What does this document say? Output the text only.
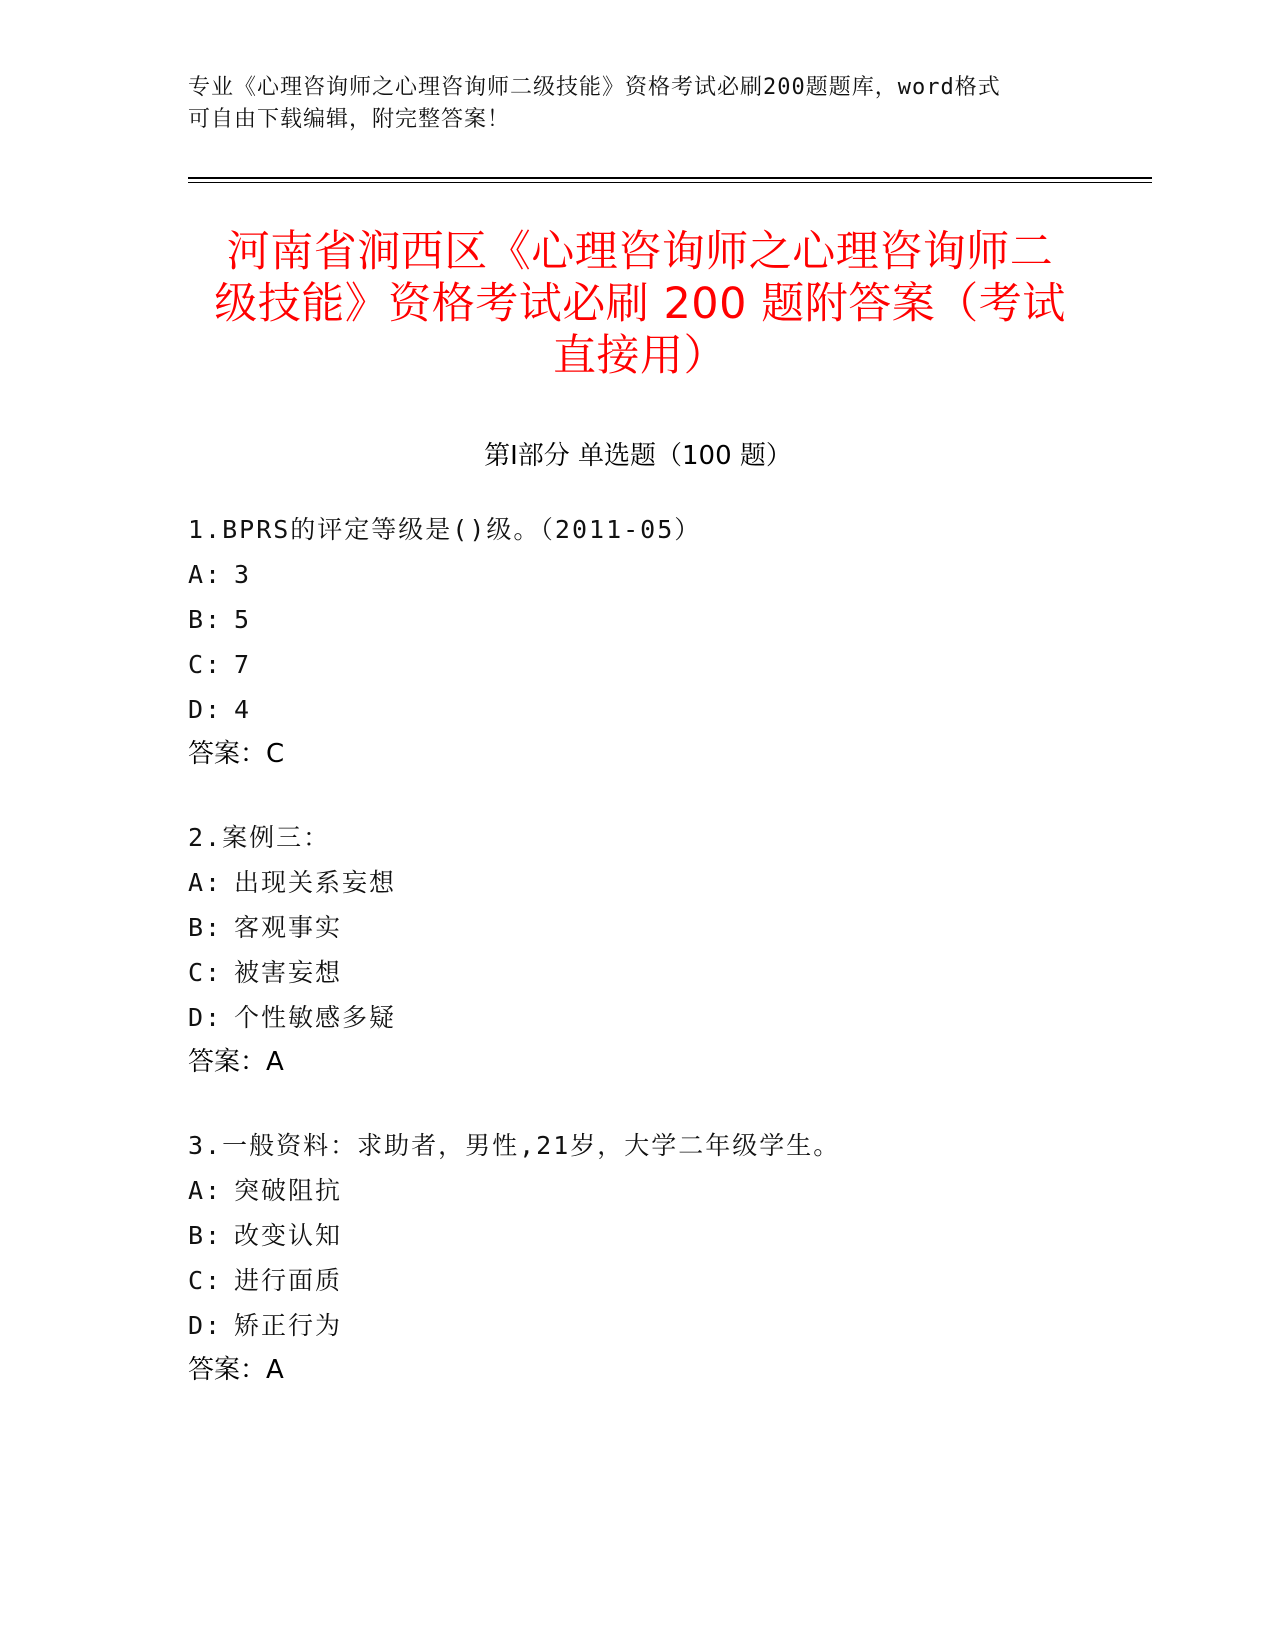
专业《心理咨询师之心理咨询师二级技能》资格考试必刷200题题库，word格式
可自由下载编辑，附完整答案！
河南省涧西区《心理咨询师之心理咨询师二
级技能》资格考试必刷 200 题附答案（考试
直接用）
第Ⅰ部分 单选题（100 题）
1.BPRS的评定等级是()级。（2011-05）
A: 3
B: 5
C: 7
D: 4
答案：C
2.案例三：
A: 出现关系妄想
B: 客观事实
C: 被害妄想
D: 个性敏感多疑
答案：A
3.一般资料：求助者，男性,21岁，大学二年级学生。
A: 突破阻抗
B: 改变认知
C: 进行面质
D: 矫正行为
答案：A
